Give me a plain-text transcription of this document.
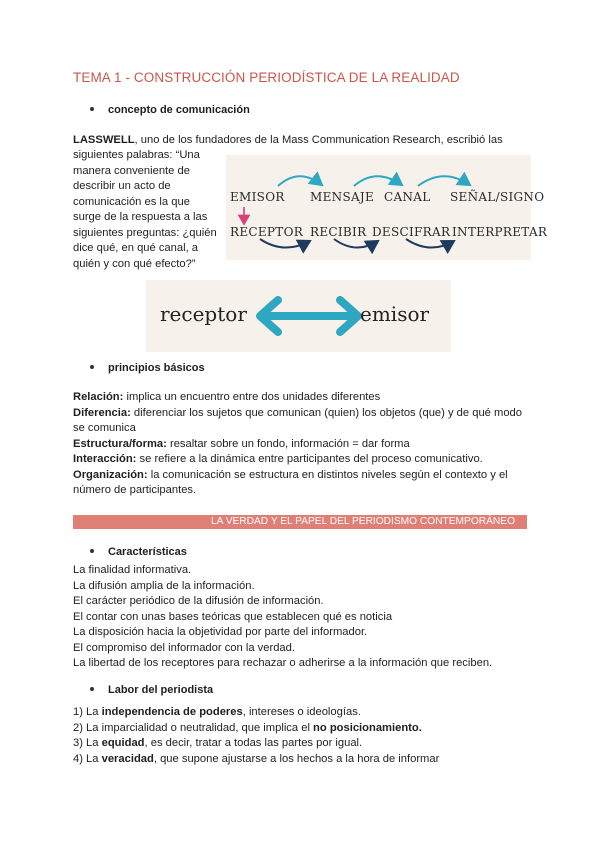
TEMA 1 - CONSTRUCCIÓN PERIODÍSTICA DE LA REALIDAD
concepto de comunicación
LASSWELL, uno de los fundadores de la Mass Communication Research, escribió las
siguientes palabras: “Una
manera conveniente de
describir un acto de
comunicación es la que
surge de la respuesta a las
siguientes preguntas: ¿quién
dice qué, en qué canal, a
quién y con qué efecto?”
EMISOR MENSAJE CANAL SEÑAL/SIGNO
RECEPTOR RECIBIR DESCIFRAR INTERPRETAR
receptor	emisor
principios básicos
Relación: implica un encuentro entre dos unidades diferentes
Diferencia: diferenciar los sujetos que comunican (quien) los objetos (que) y de qué modo
se comunica
Estructura/forma: resaltar sobre un fondo, información = dar forma
Interacción: se refiere a la dinámica entre participantes del proceso comunicativo.
Organización: la comunicación se estructura en distintos niveles según el contexto y el
número de participantes.
LA VERDAD Y EL PAPEL DEL PERIODISMO CONTEMPORÁNEO
Características
La finalidad informativa.
La difusión amplia de la información.
El carácter periódico de la difusión de información.
El contar con unas bases teóricas que establecen qué es noticia
La disposición hacia la objetividad por parte del informador.
El compromiso del informador con la verdad.
La libertad de los receptores para rechazar o adherirse a la información que reciben.
Labor del periodista
1) La independencia de poderes, intereses o ideologías.
2) La imparcialidad o neutralidad, que implica el no posicionamiento.
3) La equidad, es decir, tratar a todas las partes por igual.
4) La veracidad, que supone ajustarse a los hechos a la hora de informar
